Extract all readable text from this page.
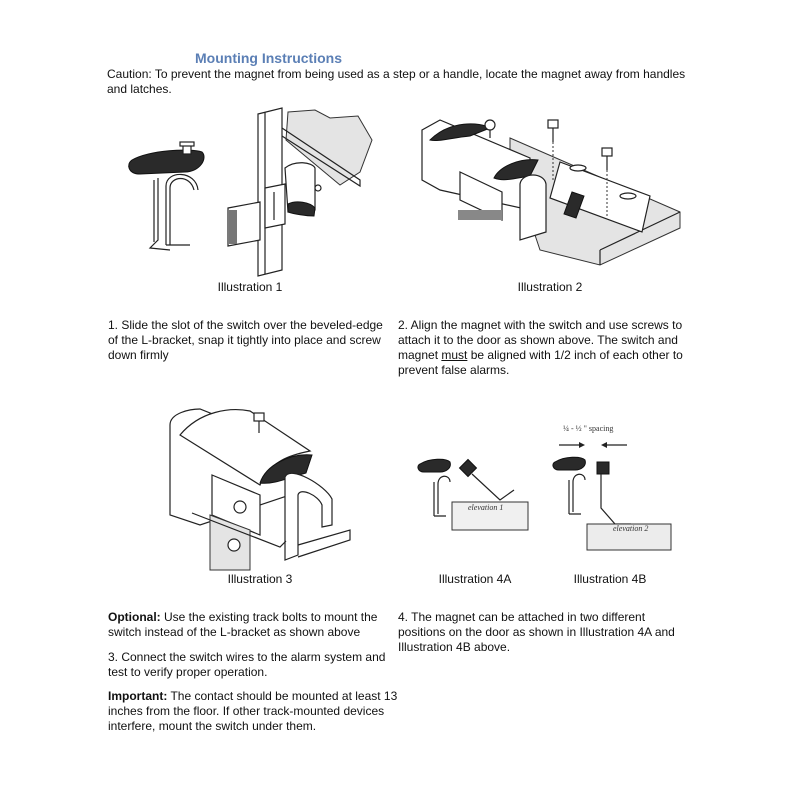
Mounting Instructions
Caution: To prevent the magnet from being used as a step or a handle, locate the magnet away from handles and latches.
Illustration 1	Illustration 2
1. Slide the slot of the switch over the beveled-edge of the L-bracket, snap it tightly into place and screw down firmly
2. Align the magnet with the switch and use screws to attach it to the door as shown above. The switch and magnet must be aligned with 1/2 inch of each other to prevent false alarms.
Illustration 3
elevation 1
Illustration 4A
¼ - ½ " spacing
elevation 2
Illustration 4B
Optional: Use the existing track bolts to mount the switch instead of the L-bracket as shown above
3. Connect the switch wires to the alarm system and test to verify proper operation.
Important: The contact should be mounted at least 13 inches from the floor. If other track-mounted devices interfere, mount the switch under them.
4. The magnet can be attached in two different positions on the door as shown in Illustration 4A and Illustration 4B above.
